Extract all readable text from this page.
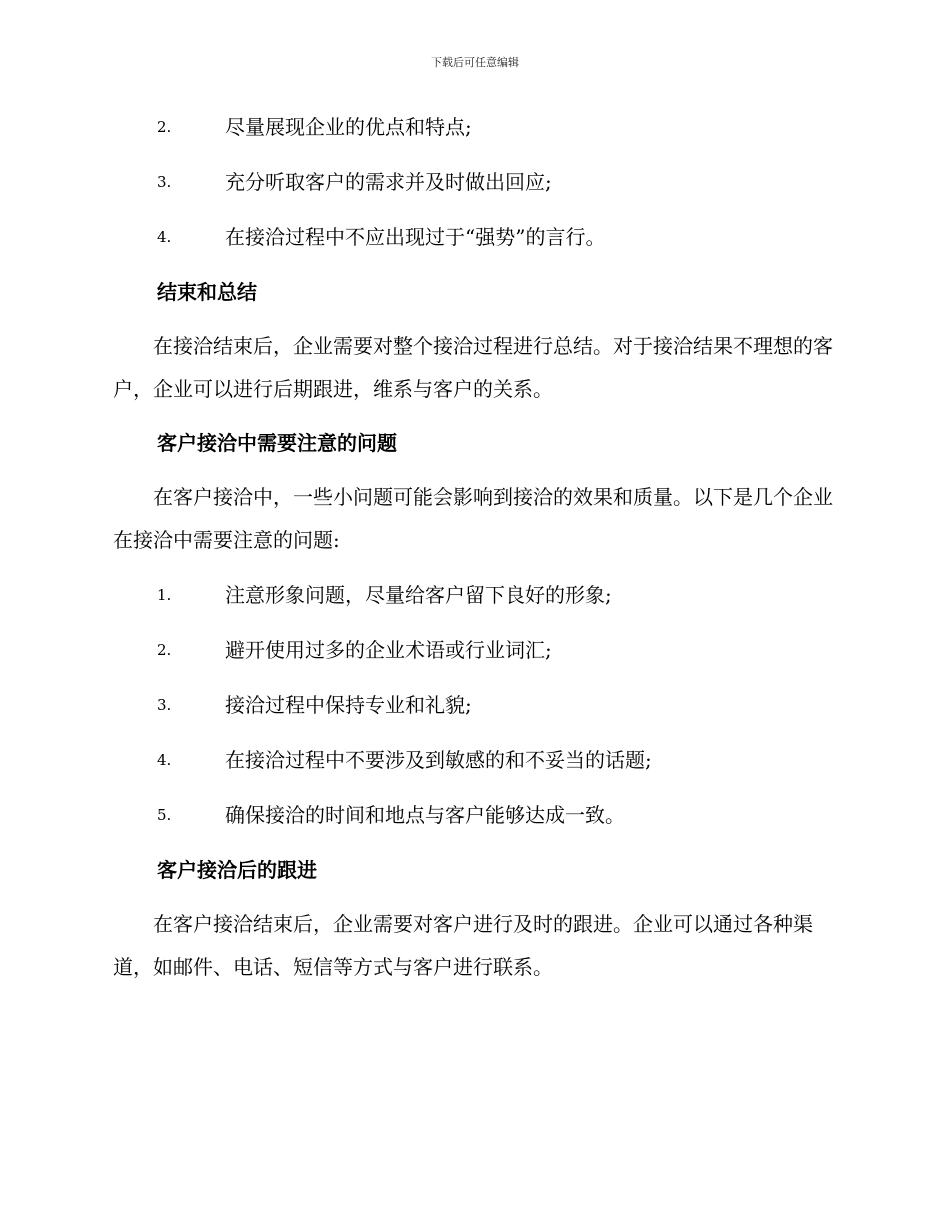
下载后可任意编辑
2.	尽量展现企业的优点和特点;
3.	充分听取客户的需求并及时做出回应;
4.	在接洽过程中不应出现过于“强势”的言行。
结束和总结
在接洽结束后，企业需要对整个接洽过程进行总结。对于接洽结果不理想的客户，企业可以进行后期跟进，维系与客户的关系。
客户接洽中需要注意的问题
在客户接洽中，一些小问题可能会影响到接洽的效果和质量。以下是几个企业在接洽中需要注意的问题:
1.	注意形象问题，尽量给客户留下良好的形象;
2.	避开使用过多的企业术语或行业词汇;
3.	接洽过程中保持专业和礼貌;
4.	在接洽过程中不要涉及到敏感的和不妥当的话题;
5.	确保接洽的时间和地点与客户能够达成一致。
客户接洽后的跟进
在客户接洽结束后，企业需要对客户进行及时的跟进。企业可以通过各种渠道，如邮件、电话、短信等方式与客户进行联系。
